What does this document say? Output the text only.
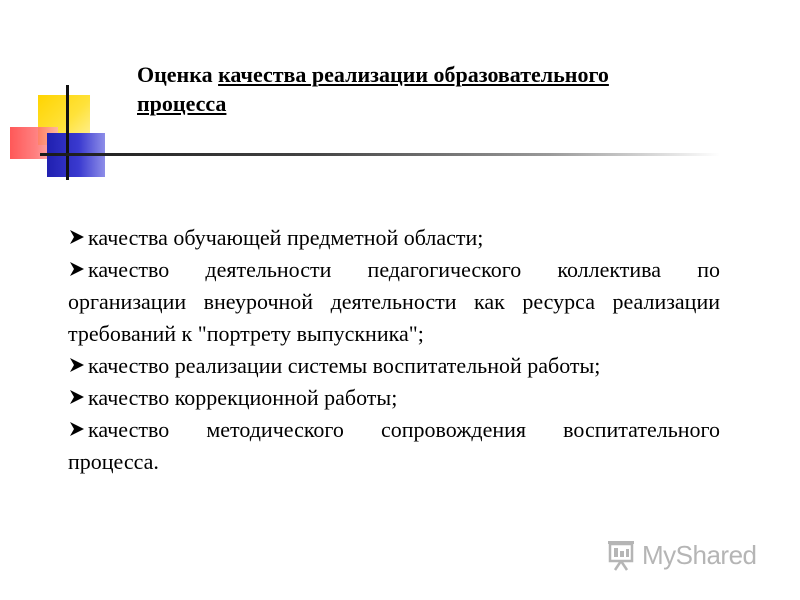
Оценка качества реализации образовательного
процесса
качества обучающей предметной области;
качество деятельности педагогического коллектива по организации внеурочной деятельности как ресурса реализации требований к "портрету выпускника";
качество реализации системы воспитательной работы;
качество коррекционной работы;
качество методического сопровождения воспитательного процесса.
MyShared
